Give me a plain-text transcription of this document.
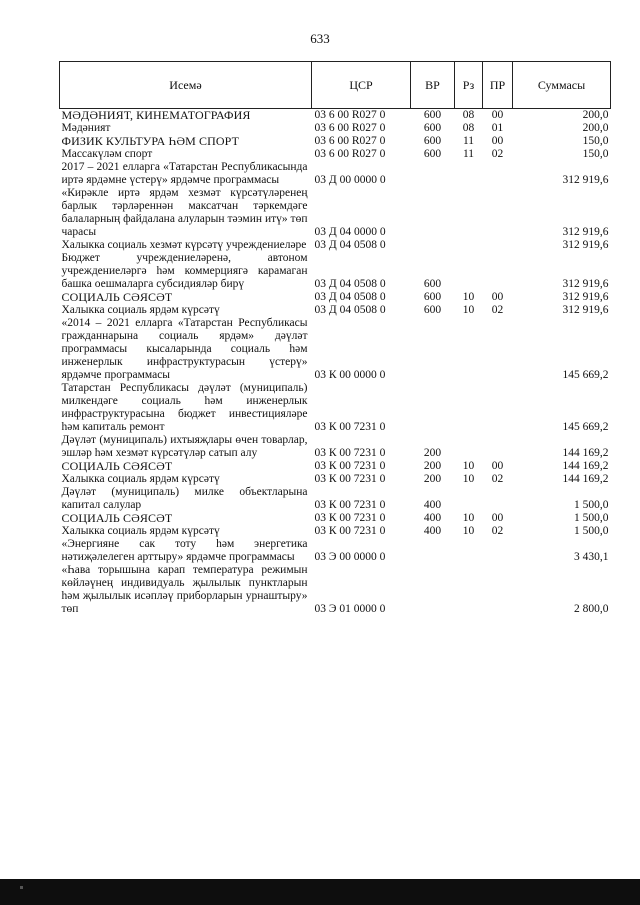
633
Исемә	ЦСР	ВР	Рз	ПР	Суммасы
МӘДӘНИЯТ, КИНЕМАТОГРАФИЯ	03 6 00 R027 0	600	08	00	200,0
Мәдәният	03 6 00 R027 0	600	08	01	200,0
ФИЗИК КУЛЬТУРА ҺӘМ СПОРТ	03 6 00 R027 0	600	11	00	150,0
Массакүләм спорт	03 6 00 R027 0	600	11	02	150,0
2017 – 2021 елларга «Татарстан Республикасында иртә ярдәмне үстерү» ярдәмче программасы	03 Д 00 0000 0				312 919,6
«Кирәкле иртә ярдәм хезмәт күрсәтүләренең барлык тәрләреннән максатчан тәркемдәге балаларның файдалана алуларын тәэмин итү» төп чарасы	03 Д 04 0000 0				312 919,6
Халыкка социаль хезмәт күрсәтү учреждениеләре	03 Д 04 0508 0				312 919,6
Бюджет учреждениеләренә, автоном учреждениеләргә һәм коммерциягә карамаган башка оешмаларга субсидияләр бирү	03 Д 04 0508 0	600			312 919,6
СОЦИАЛЬ СӘЯСӘТ	03 Д 04 0508 0	600	10	00	312 919,6
Халыкка социаль ярдәм күрсәтү	03 Д 04 0508 0	600	10	02	312 919,6
«2014 – 2021 елларга «Татарстан Республикасы гражданнарына социаль ярдәм» дәүләт программасы кысаларында социаль һәм инженерлык инфраструктурасын үстерү» ярдәмче программасы	03 К 00 0000 0				145 669,2
Татарстан Республикасы дәүләт (муниципаль) милкендәге социаль һәм инженерлык инфраструктурасына бюджет инвестицияләре һәм капиталь ремонт	03 К 00 7231 0				145 669,2
Дәүләт (муниципаль) ихтыяҗлары өчен товарлар, эшләр һәм хезмәт күрсәтүләр сатып алу	03 К 00 7231 0	200			144 169,2
СОЦИАЛЬ СӘЯСӘТ	03 К 00 7231 0	200	10	00	144 169,2
Халыкка социаль ярдәм күрсәтү	03 К 00 7231 0	200	10	02	144 169,2
Дәүләт (муниципаль) милке объектларына капитал салулар	03 К 00 7231 0	400			1 500,0
СОЦИАЛЬ СӘЯСӘТ	03 К 00 7231 0	400	10	00	1 500,0
Халыкка социаль ярдәм күрсәтү	03 К 00 7231 0	400	10	02	1 500,0
«Энергияне сак тоту һәм энергетика нәтиҗәлелеген арттыру» ярдәмче программасы	03 Э 00 0000 0				3 430,1
«Һава торышына карап температура режимын көйләүнең индивидуаль җылылык пунктларын һәм җылылык исәпләү приборларын урнаштыру» төп	03 Э 01 0000 0				2 800,0
